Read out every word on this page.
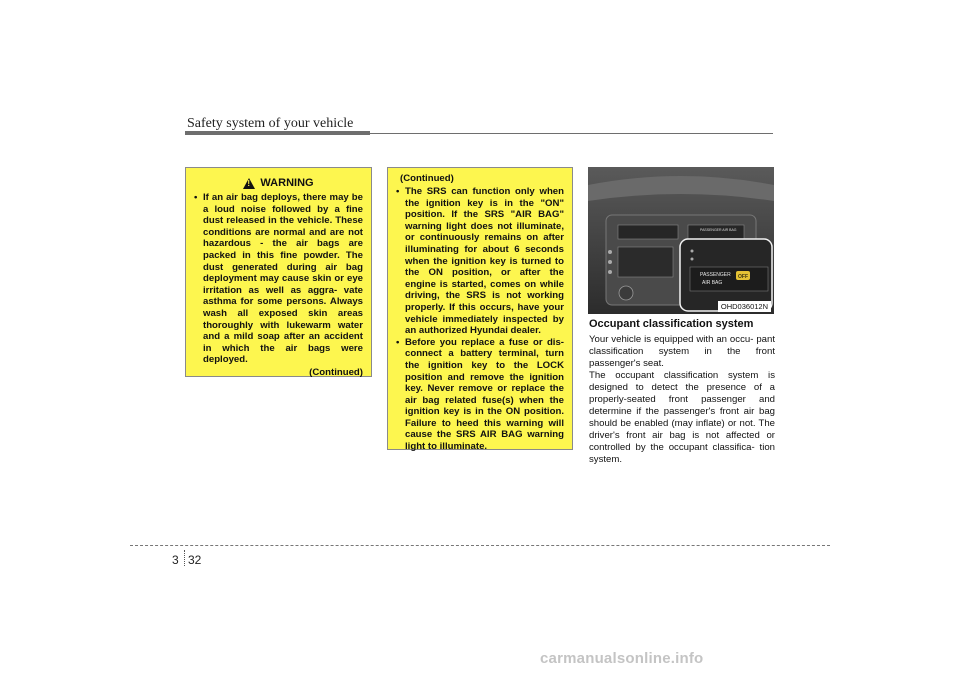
Safety system of your vehicle
! WARNING
• If an air bag deploys, there may be a loud noise followed by a fine dust released in the vehicle. These conditions are normal and are not hazardous - the air bags are packed in this fine powder. The dust generated during air bag deployment may cause skin or eye irritation as well as aggra- vate asthma for some persons. Always wash all exposed skin areas thoroughly with lukewarm water and a mild soap after an accident in which the air bags were deployed.
(Continued)
(Continued)
• The SRS can function only when the ignition key is in the "ON" position. If the SRS "AIR BAG" warning light does not illuminate, or continuously remains on after illuminating for about 6 seconds when the ignition key is turned to the ON position, or after the engine is started, comes on while driving, the SRS is not working properly. If this occurs, have your vehicle immediately inspected by an authorized Hyundai dealer.
• Before you replace a fuse or dis- connect a battery terminal, turn the ignition key to the LOCK position and remove the ignition key. Never remove or replace the air bag related fuse(s) when the ignition key is in the ON position. Failure to heed this warning will cause the SRS AIR BAG warning light to illuminate.
PASSENGER AIR BAG
PASSENGER
AIR BAG
OFF
OHD036012N
Occupant classification system

Your vehicle is equipped with an occu- pant classification system in the front passenger's seat.

The occupant classification system is designed to detect the presence of a properly-seated front passenger and determine if the passenger's front air bag should be enabled (may inflate) or not. The driver's front air bag is not affected or controlled by the occupant classifica- tion system.

3 32
carmanualsonline.info
